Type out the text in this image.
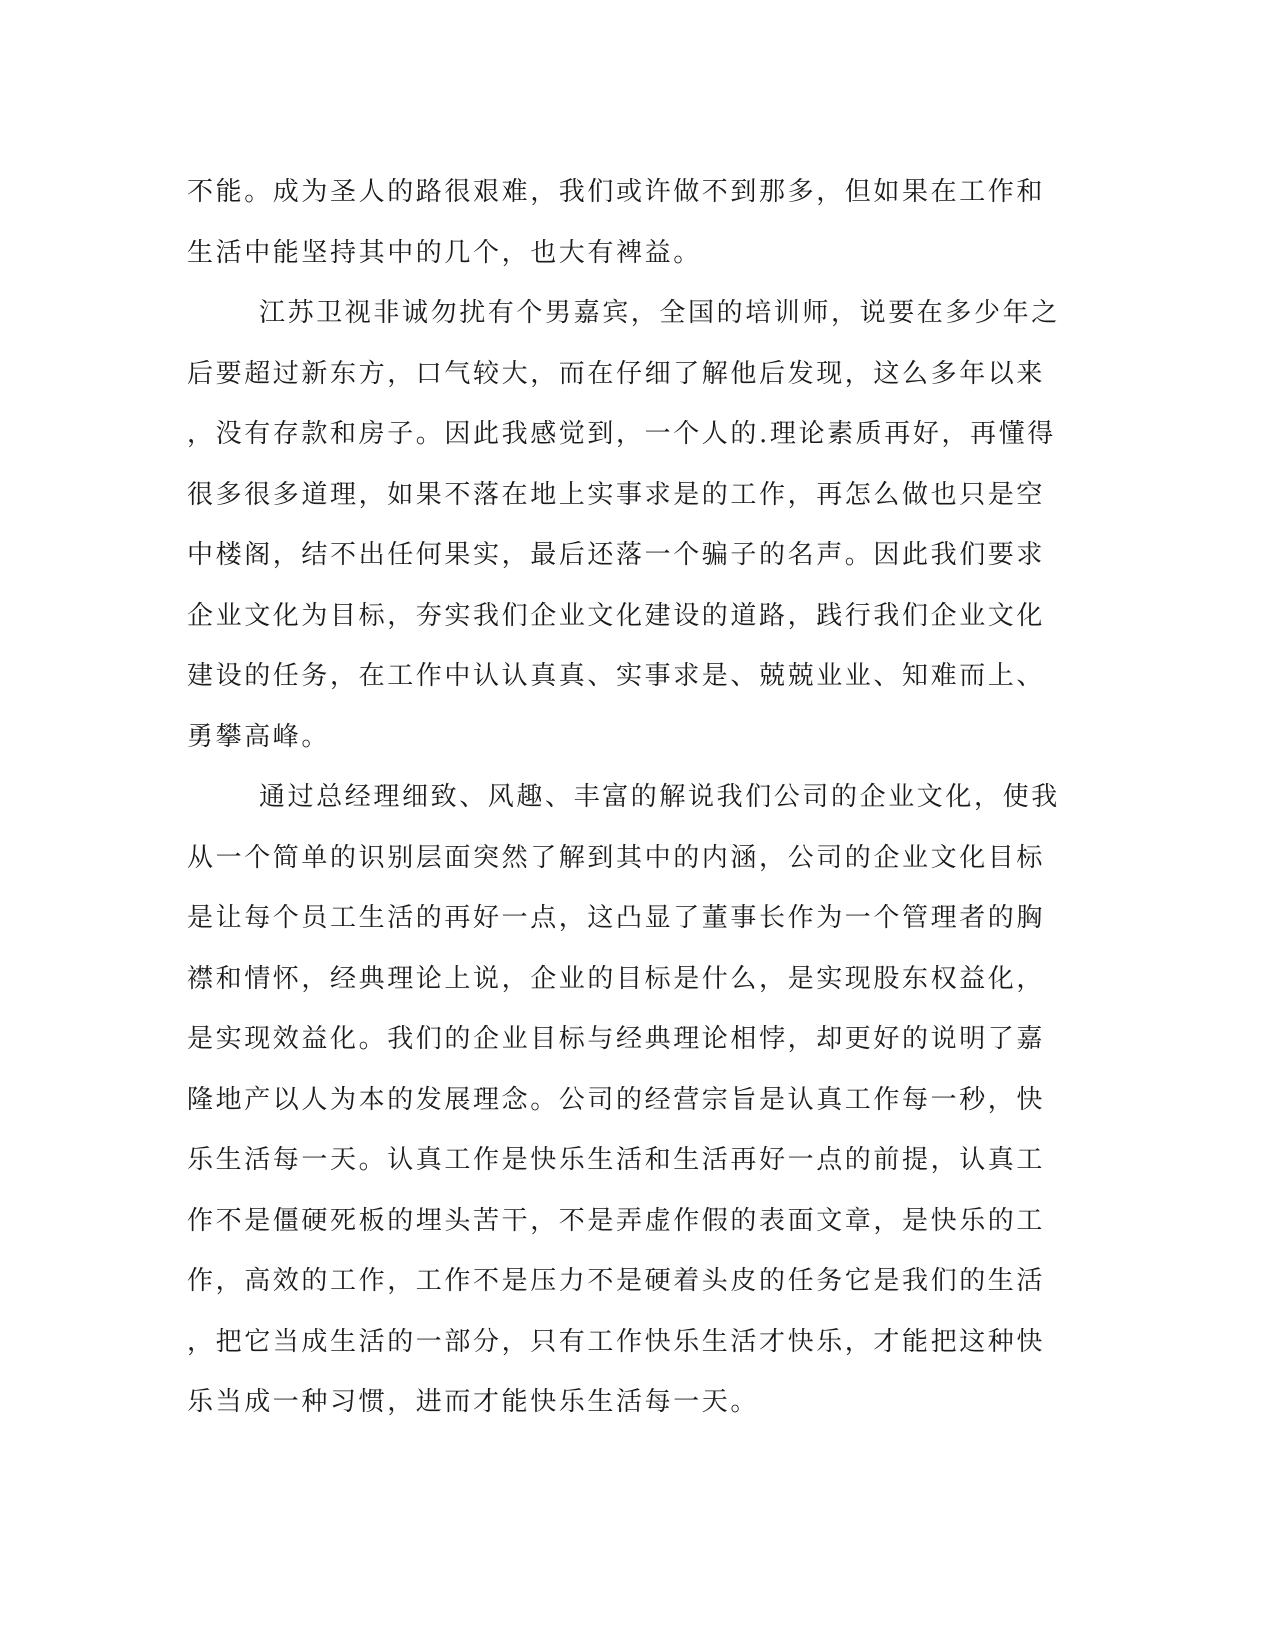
不能。成为圣人的路很艰难，我们或许做不到那多，但如果在工作和
生活中能坚持其中的几个，也大有裨益。
江苏卫视非诚勿扰有个男嘉宾，全国的培训师，说要在多少年之
后要超过新东方，口气较大，而在仔细了解他后发现，这么多年以来
，没有存款和房子。因此我感觉到，一个人的.理论素质再好，再懂得
很多很多道理，如果不落在地上实事求是的工作，再怎么做也只是空
中楼阁，结不出任何果实，最后还落一个骗子的名声。因此我们要求
企业文化为目标，夯实我们企业文化建设的道路，践行我们企业文化
建设的任务，在工作中认认真真、实事求是、兢兢业业、知难而上、
勇攀高峰。
通过总经理细致、风趣、丰富的解说我们公司的企业文化，使我
从一个简单的识别层面突然了解到其中的内涵，公司的企业文化目标
是让每个员工生活的再好一点，这凸显了董事长作为一个管理者的胸
襟和情怀，经典理论上说，企业的目标是什么，是实现股东权益化，
是实现效益化。我们的企业目标与经典理论相悖，却更好的说明了嘉
隆地产以人为本的发展理念。公司的经营宗旨是认真工作每一秒，快
乐生活每一天。认真工作是快乐生活和生活再好一点的前提，认真工
作不是僵硬死板的埋头苦干，不是弄虚作假的表面文章，是快乐的工
作，高效的工作，工作不是压力不是硬着头皮的任务它是我们的生活
，把它当成生活的一部分，只有工作快乐生活才快乐，才能把这种快
乐当成一种习惯，进而才能快乐生活每一天。
